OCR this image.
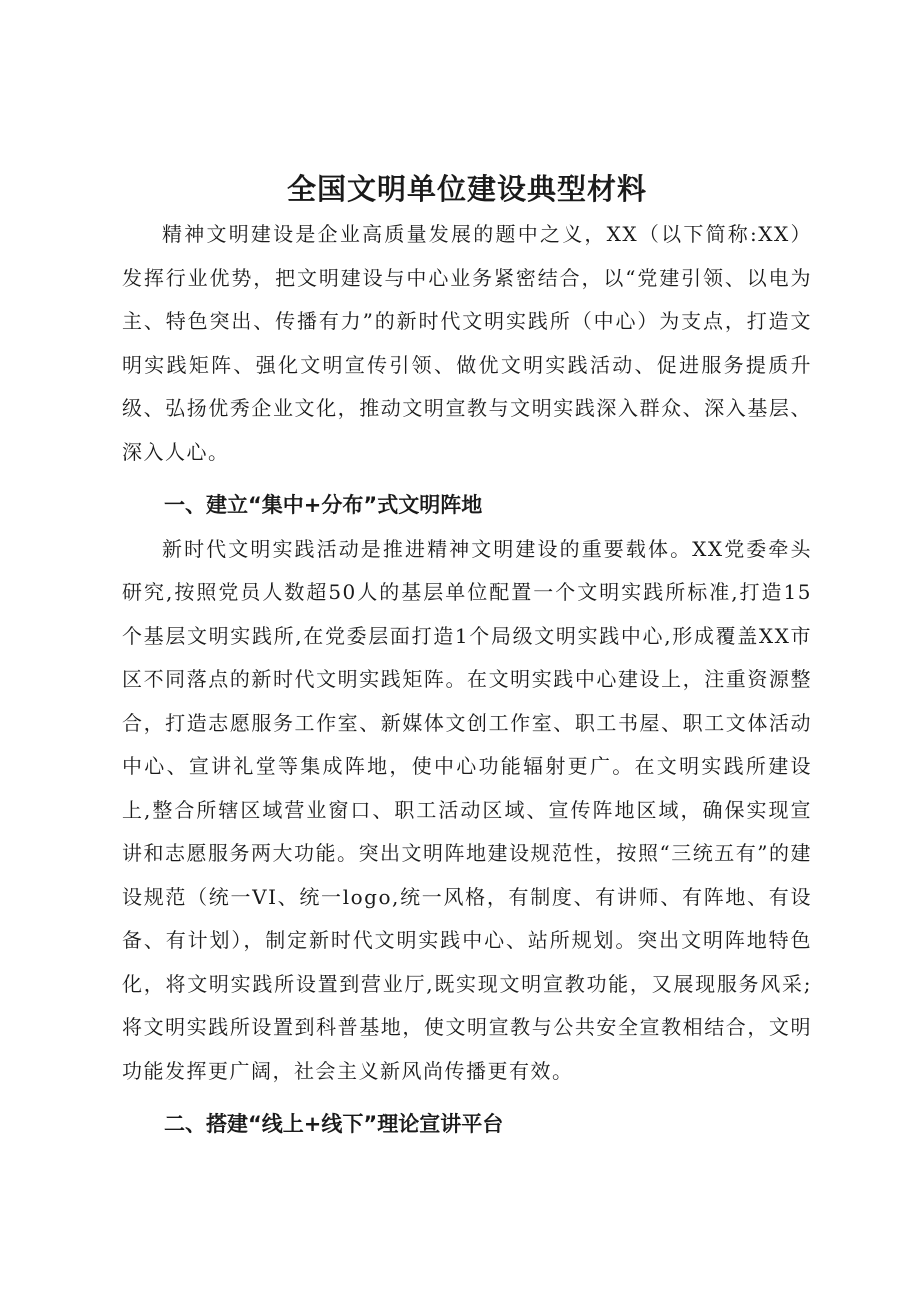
全国文明单位建设典型材料

精神文明建设是企业高质量发展的题中之义，XX（以下简称:XX）发挥行业优势，把文明建设与中心业务紧密结合，以“党建引领、以电为主、特色突出、传播有力”的新时代文明实践所（中心）为支点，打造文明实践矩阵、强化文明宣传引领、做优文明实践活动、促进服务提质升级、弘扬优秀企业文化，推动文明宣教与文明实践深入群众、深入基层、深入人心。

一、建立“集中+分布”式文明阵地

新时代文明实践活动是推进精神文明建设的重要载体。XX党委牵头研究,按照党员人数超50人的基层单位配置一个文明实践所标准,打造15个基层文明实践所,在党委层面打造1个局级文明实践中心,形成覆盖XX市区不同落点的新时代文明实践矩阵。在文明实践中心建设上，注重资源整合，打造志愿服务工作室、新媒体文创工作室、职工书屋、职工文体活动中心、宣讲礼堂等集成阵地，使中心功能辐射更广。在文明实践所建设上,整合所辖区域营业窗口、职工活动区域、宣传阵地区域，确保实现宣讲和志愿服务两大功能。突出文明阵地建设规范性，按照“三统五有”的建设规范（统一VI、统一logo,统一风格，有制度、有讲师、有阵地、有设备、有计划），制定新时代文明实践中心、站所规划。突出文明阵地特色化，将文明实践所设置到营业厅,既实现文明宣教功能，又展现服务风采;将文明实践所设置到科普基地，使文明宣教与公共安全宣教相结合，文明功能发挥更广阔，社会主义新风尚传播更有效。

二、搭建“线上+线下”理论宣讲平台
